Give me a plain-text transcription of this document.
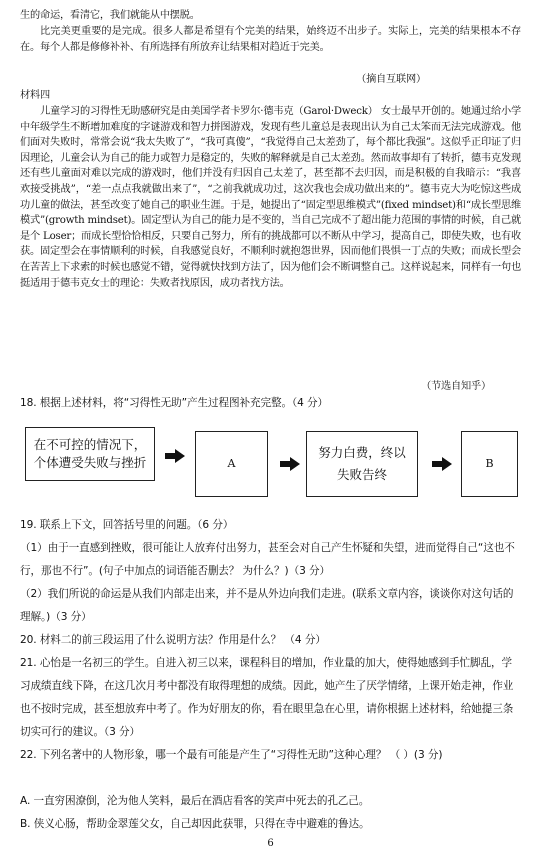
生的命运，看清它，我们就能从中摆脱。

比完美更重要的是完成。很多人都是希望有个完美的结果，始终迈不出步子。实际上，完美的结果根本不存在。每个人都是修修补补、有所选择有所放弃让结果相对趋近于完美。

（摘自互联网）

材料四

儿童学习的习得性无助感研究是由美国学者卡罗尔·德韦克（Garol·Dweck） 女士最早开创的。她通过给小学中年级学生不断增加难度的字谜游戏和智力拼图游戏，发现有些儿童总是表现出认为自己太笨而无法完成游戏。他们面对失败时，常常会说“我太失败了”，“我可真傻”，“我觉得自己太差劲了，每个都比我强”。这似乎正印证了归因理论，儿童会认为自己的能力或智力是稳定的，失败的解释就是自己太差劲。然而故事却有了转折，德韦克发现还有些儿童面对难以完成的游戏时，他们并没有归因自己太差了，甚至都不去归因，而是积极的自我暗示：“我喜欢接受挑战”，“差一点点我就做出来了”，“之前我就成功过，这次我也会成功做出来的”。德韦克大为吃惊这些成功儿童的做法，甚至改变了她自己的职业生涯。于是，她提出了“固定型思维模式”(fixed mindset)和“成长型思维模式”(growth mindset)。固定型认为自己的能力是不变的，当自己完成不了超出能力范围的事情的时候，自己就是个 Loser；而成长型恰恰相反，只要自己努力，所有的挑战都可以不断从中学习，提高自己，即使失败，也有收获。固定型会在事情顺利的时候，自我感觉良好，不顺利时就抱怨世界，因而他们畏惧一丁点的失败；而成长型会在苦苦上下求索的时候也感觉不错，觉得就快找到方法了，因为他们会不断调整自己。这样说起来，同样有一句也挺适用于德韦克女士的理论：失败者找原因，成功者找方法。

（节选自知乎）

18. 根据上述材料，将“习得性无助”产生过程图补充完整。（4 分）

在不可控的情况下，个体遭受失败与挫折	A
努力白费，终以失败告终
B

19. 联系上下文，回答括号里的问题。（6 分）

（1）由于一直感到挫败，很可能让人放弃付出努力，甚至会对自己产生怀疑和失望，进而觉得自己“这也不行，那也不行”。(句子中加点的词语能否删去？ 为什么？)（3 分）

（2）我们所说的命运是从我们内部走出来，并不是从外边向我们走进。(联系文章内容，谈谈你对这句话的理解。)（3 分）

20. 材料二的前三段运用了什么说明方法？作用是什么？ （4 分）

21. 心怡是一名初三的学生。自进入初三以来，课程科目的增加，作业量的加大，使得她感到手忙脚乱，学习成绩直线下降，在这几次月考中都没有取得理想的成绩。因此，她产生了厌学情绪，上课开始走神，作业也不按时完成，甚至想放弃中考了。作为好朋友的你，看在眼里急在心里，请你根据上述材料，给她提三条切实可行的建议。（3 分）

22. 下列名著中的人物形象，哪一个最有可能是产生了“习得性无助”这种心理？ （ ）(3 分)

A. 一直穷困潦倒，沦为他人笑料，最后在酒店看客的笑声中死去的孔乙己。

B. 侠义心肠，帮助金翠莲父女，自己却因此获罪，只得在寺中避难的鲁达。

6
